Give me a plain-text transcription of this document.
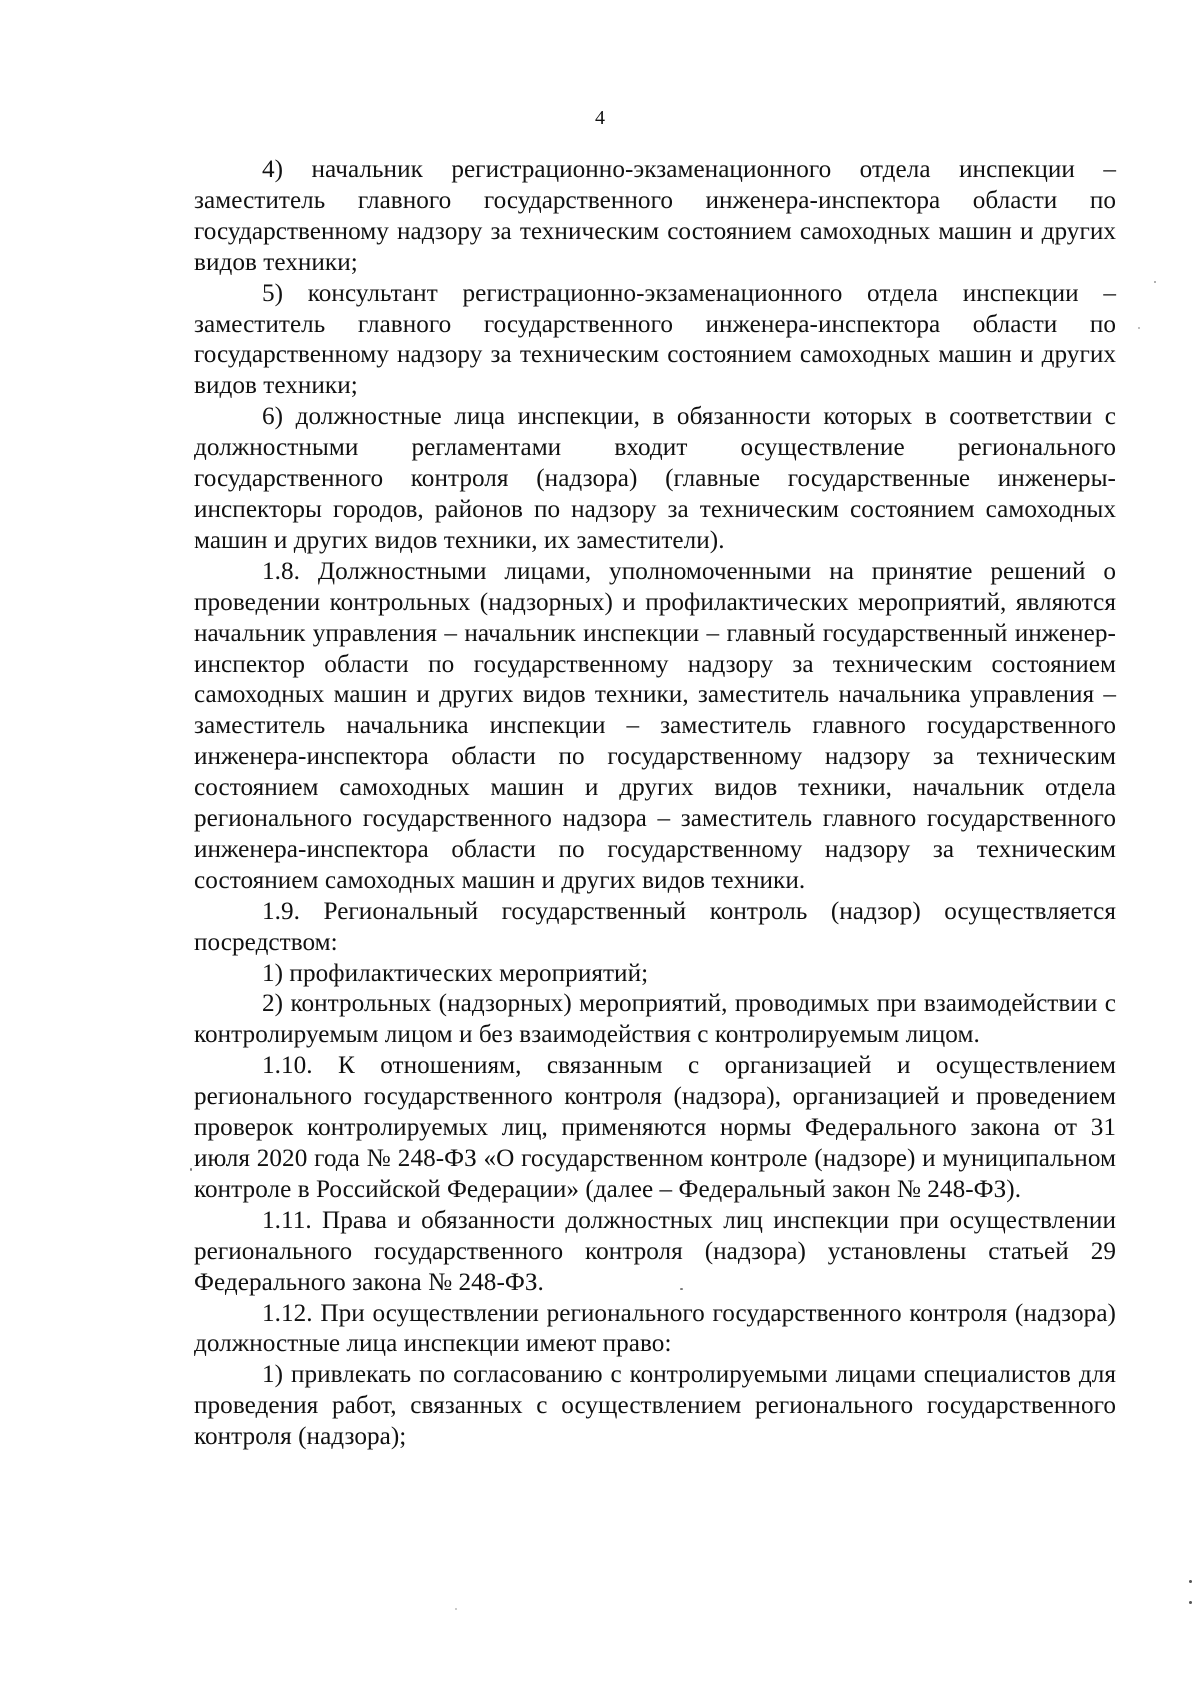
4

4) начальник регистрационно-экзаменационного отдела инспекции – заместитель главного государственного инженера-инспектора области по государственному надзору за техническим состоянием самоходных машин и других видов техники;

5) консультант регистрационно-экзаменационного отдела инспекции – заместитель главного государственного инженера-инспектора области по государственному надзору за техническим состоянием самоходных машин и других видов техники;

6) должностные лица инспекции, в обязанности которых в соответствии с должностными регламентами входит осуществление регионального государственного контроля (надзора) (главные государственные инженеры-инспекторы городов, районов по надзору за техническим состоянием самоходных машин и других видов техники, их заместители).

1.8. Должностными лицами, уполномоченными на принятие решений о проведении контрольных (надзорных) и профилактических мероприятий, являются начальник управления – начальник инспекции – главный государственный инженер-инспектор области по государственному надзору за техническим состоянием самоходных машин и других видов техники, заместитель начальника управления – заместитель начальника инспекции – заместитель главного государственного инженера-инспектора области по государственному надзору за техническим состоянием самоходных машин и других видов техники, начальник отдела регионального государственного надзора – заместитель главного государственного инженера-инспектора области по государственному надзору за техническим состоянием самоходных машин и других видов техники.

1.9. Региональный государственный контроль (надзор) осуществляется посредством:

1) профилактических мероприятий;

2) контрольных (надзорных) мероприятий, проводимых при взаимодействии с контролируемым лицом и без взаимодействия с контролируемым лицом.

1.10. К отношениям, связанным с организацией и осуществлением регионального государственного контроля (надзора), организацией и проведением проверок контролируемых лиц, применяются нормы Федерального закона от 31 июля 2020 года № 248-ФЗ «О государственном контроле (надзоре) и муниципальном контроле в Российской Федерации» (далее – Федеральный закон № 248-ФЗ).

1.11. Права и обязанности должностных лиц инспекции при осуществлении регионального государственного контроля (надзора) установлены статьей 29 Федерального закона № 248-ФЗ.

1.12. При осуществлении регионального государственного контроля (надзора) должностные лица инспекции имеют право:

1) привлекать по согласованию с контролируемыми лицами специалистов для проведения работ, связанных с осуществлением регионального государственного контроля (надзора);
